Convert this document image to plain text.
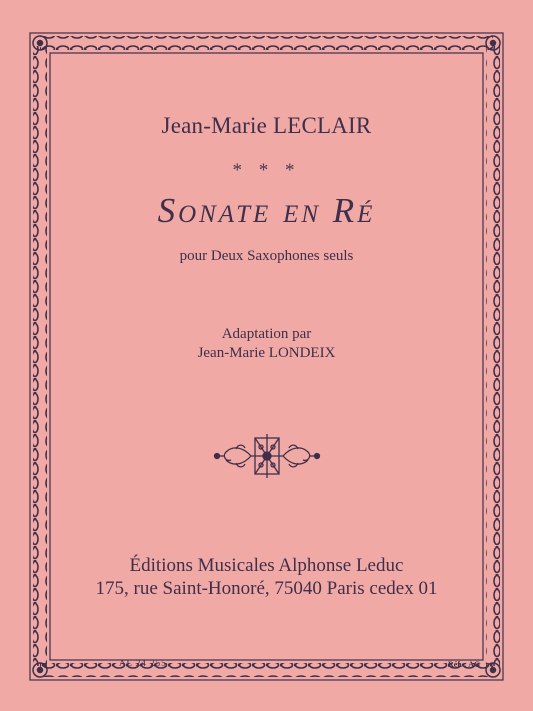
Jean-Marie LECLAIR
* * *
Sonate en Ré
pour Deux Saxophones seuls
Adaptation par
Jean-Marie LONDEIX
Éditions Musicales Alphonse Leduc
175, rue Saint-Honoré, 75040 Paris cedex 01
AL 24 255	Réf. : AG
